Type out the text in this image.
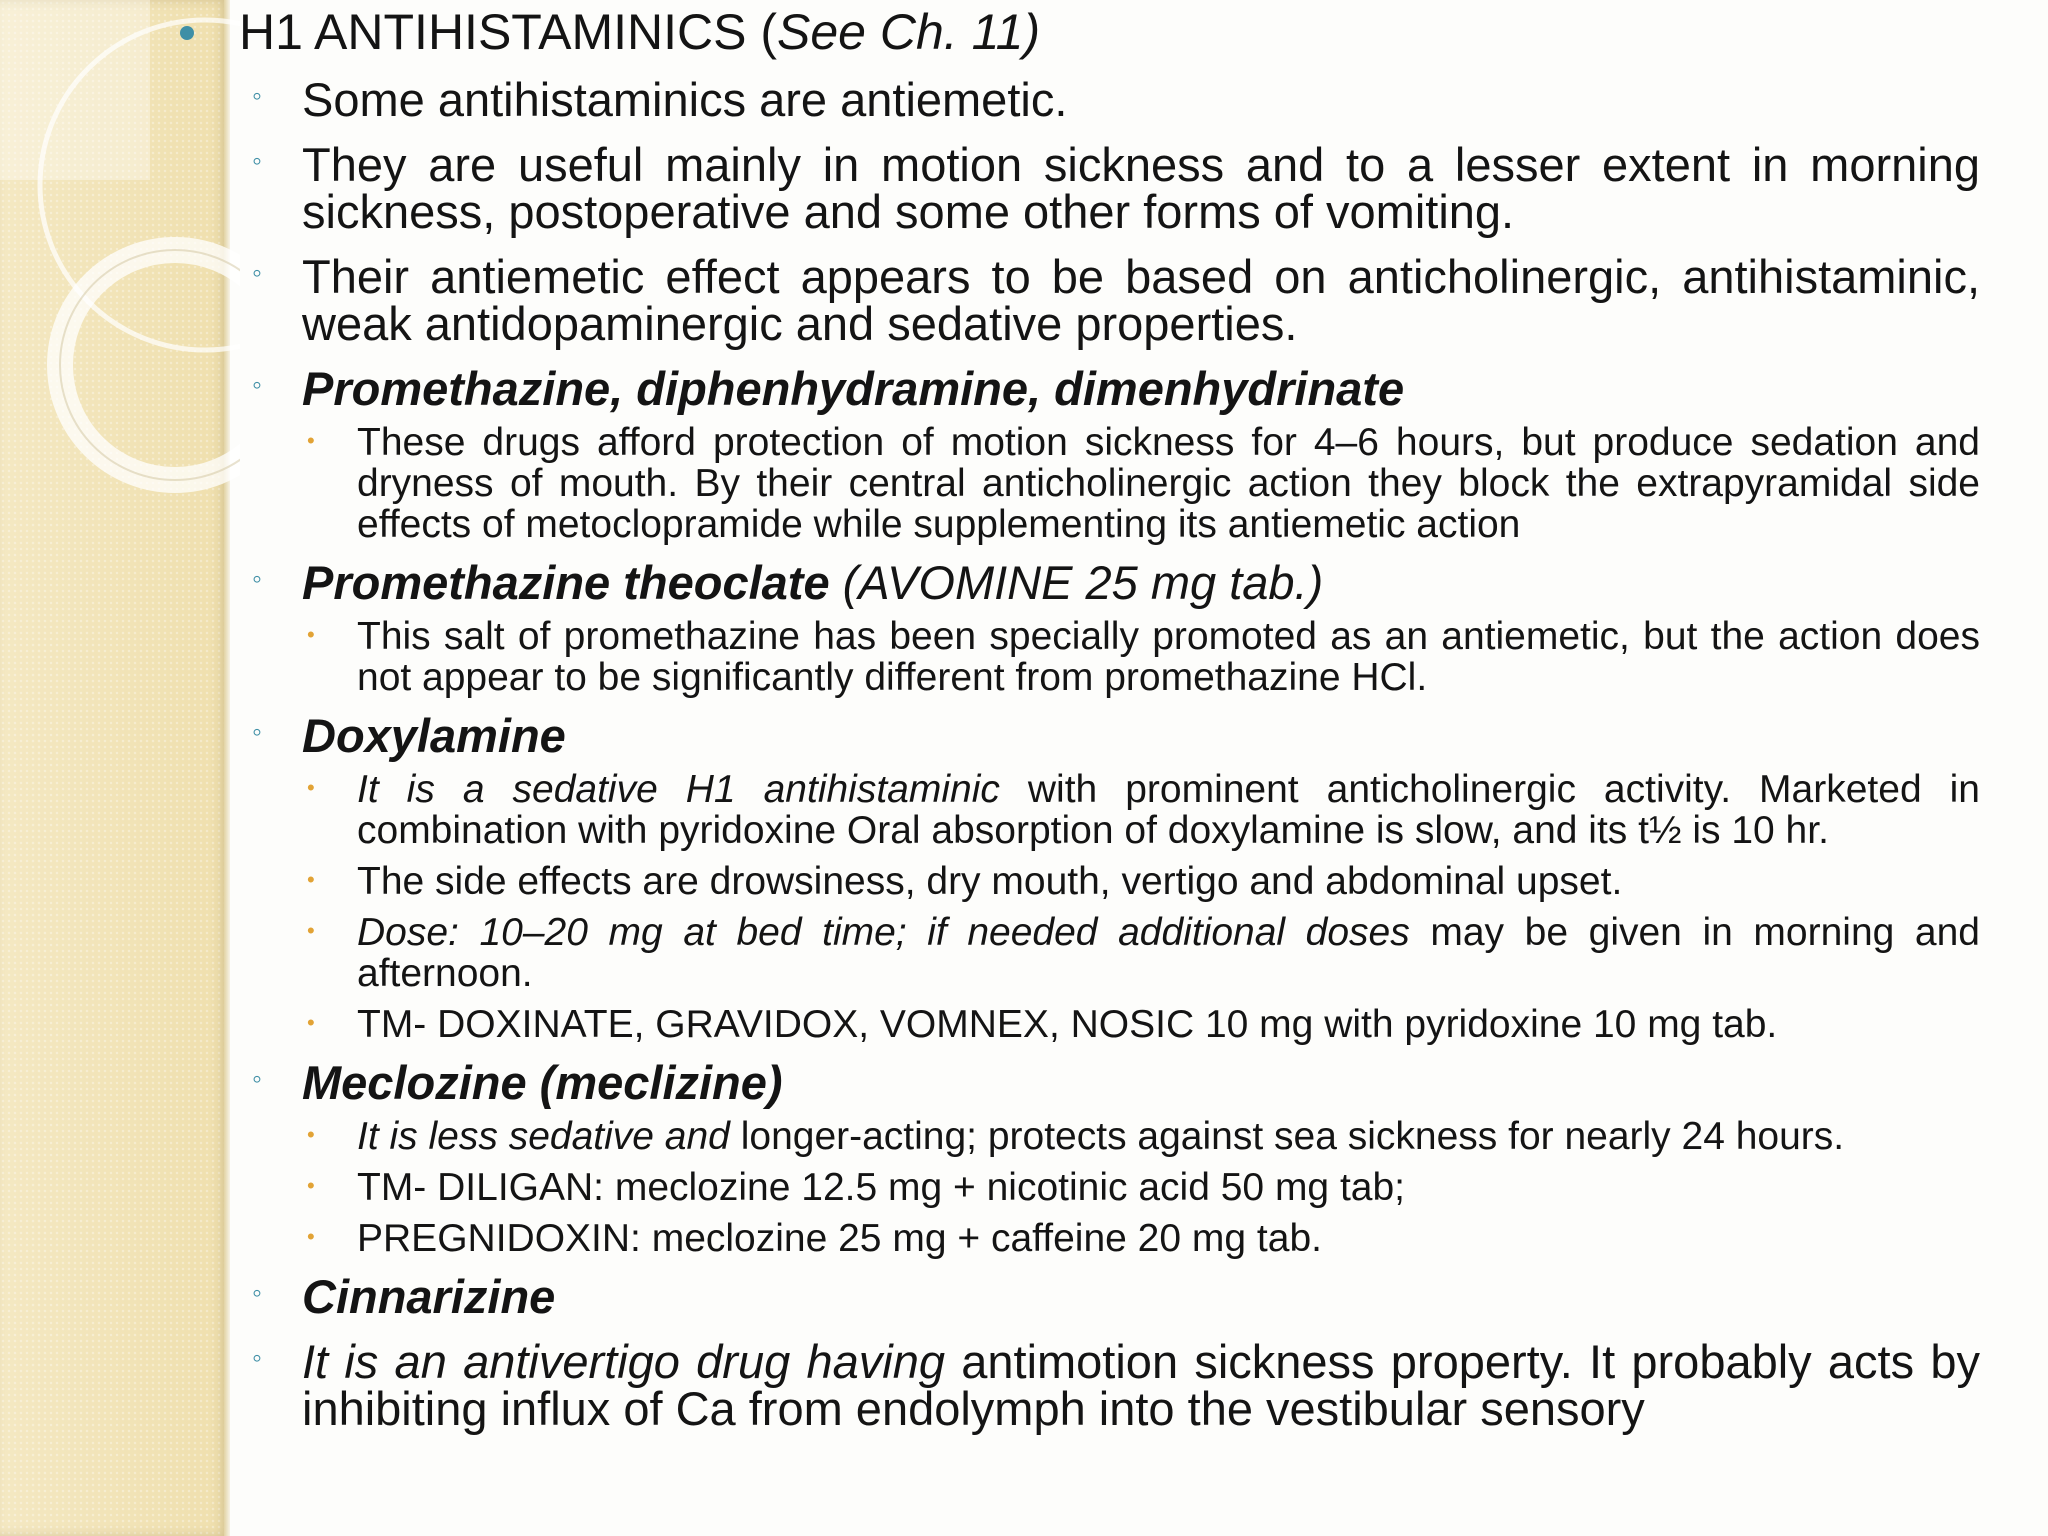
H1 ANTIHISTAMINICS (See Ch. 11)
◦ Some antihistaminics are antiemetic.
◦ They are useful mainly in motion sickness and to a lesser extent in morning sickness, postoperative and some other forms of vomiting.
◦ Their antiemetic effect appears to be based on anticholinergic, antihistaminic, weak antidopaminergic and sedative properties.
◦ Promethazine, diphenhydramine, dimenhydrinate
• These drugs afford protection of motion sickness for 4–6 hours, but produce sedation and dryness of mouth. By their central anticholinergic action they block the extrapyramidal side effects of metoclopramide while supplementing its antiemetic action
◦ Promethazine theoclate (AVOMINE 25 mg tab.)
• This salt of promethazine has been specially promoted as an antiemetic, but the action does not appear to be significantly different from promethazine HCl.
◦ Doxylamine
• It is a sedative H1 antihistaminic with prominent anticholinergic activity. Marketed in combination with pyridoxine Oral absorption of doxylamine is slow, and its t½ is 10 hr.
• The side effects are drowsiness, dry mouth, vertigo and abdominal upset.
• Dose: 10–20 mg at bed time; if needed additional doses may be given in morning and afternoon.
• TM- DOXINATE, GRAVIDOX, VOMNEX, NOSIC 10 mg with pyridoxine 10 mg tab.
◦ Meclozine (meclizine)
• It is less sedative and longer-acting; protects against sea sickness for nearly 24 hours.
• TM- DILIGAN: meclozine 12.5 mg + nicotinic acid 50 mg tab;
• PREGNIDOXIN: meclozine 25 mg + caffeine 20 mg tab.
◦ Cinnarizine
◦ It is an antivertigo drug having antimotion sickness property. It probably acts by inhibiting influx of Ca from endolymph into the vestibular sensory
